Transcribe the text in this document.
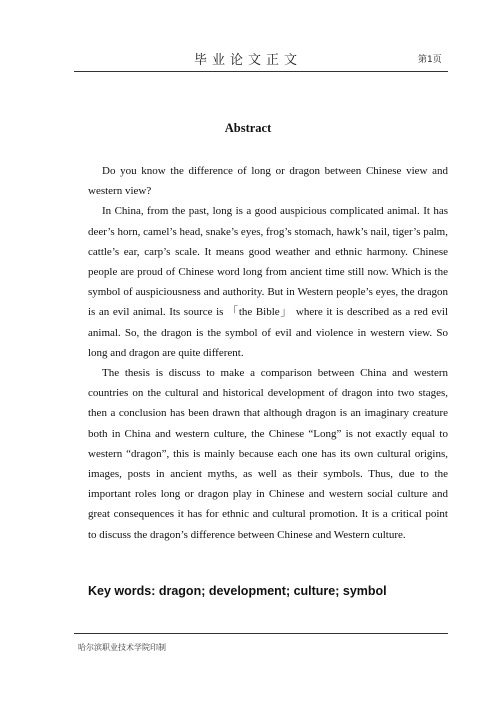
毕业论文正文	第1页
Abstract

Do you know the difference of long or dragon between Chinese view and western view?

In China, from the past, long is a good auspicious complicated animal. It has deer’s horn, camel’s head, snake’s eyes, frog’s stomach, hawk’s nail, tiger’s palm, cattle’s ear, carp’s scale. It means good weather and ethnic harmony. Chinese people are proud of Chinese word long from ancient time still now. Which is the symbol of auspiciousness and authority. But in Western people’s eyes, the dragon is an evil animal. Its source is 「the Bible」 where it is described as a red evil animal. So, the dragon is the symbol of evil and violence in western view. So long and dragon are quite different.

The thesis is discuss to make a comparison between China and western countries on the cultural and historical development of dragon into two stages, then a conclusion has been drawn that although dragon is an imaginary creature both in China and western culture, the Chinese “Long” is not exactly equal to western “dragon”, this is mainly because each one has its own cultural origins, images, posts in ancient myths, as well as their symbols. Thus, due to the important roles long or dragon play in Chinese and western social culture and great consequences it has for ethnic and cultural promotion. It is a critical point to discuss the dragon’s difference between Chinese and Western culture.

Key words: dragon; development; culture; symbol
哈尔滨职业技术学院印制
